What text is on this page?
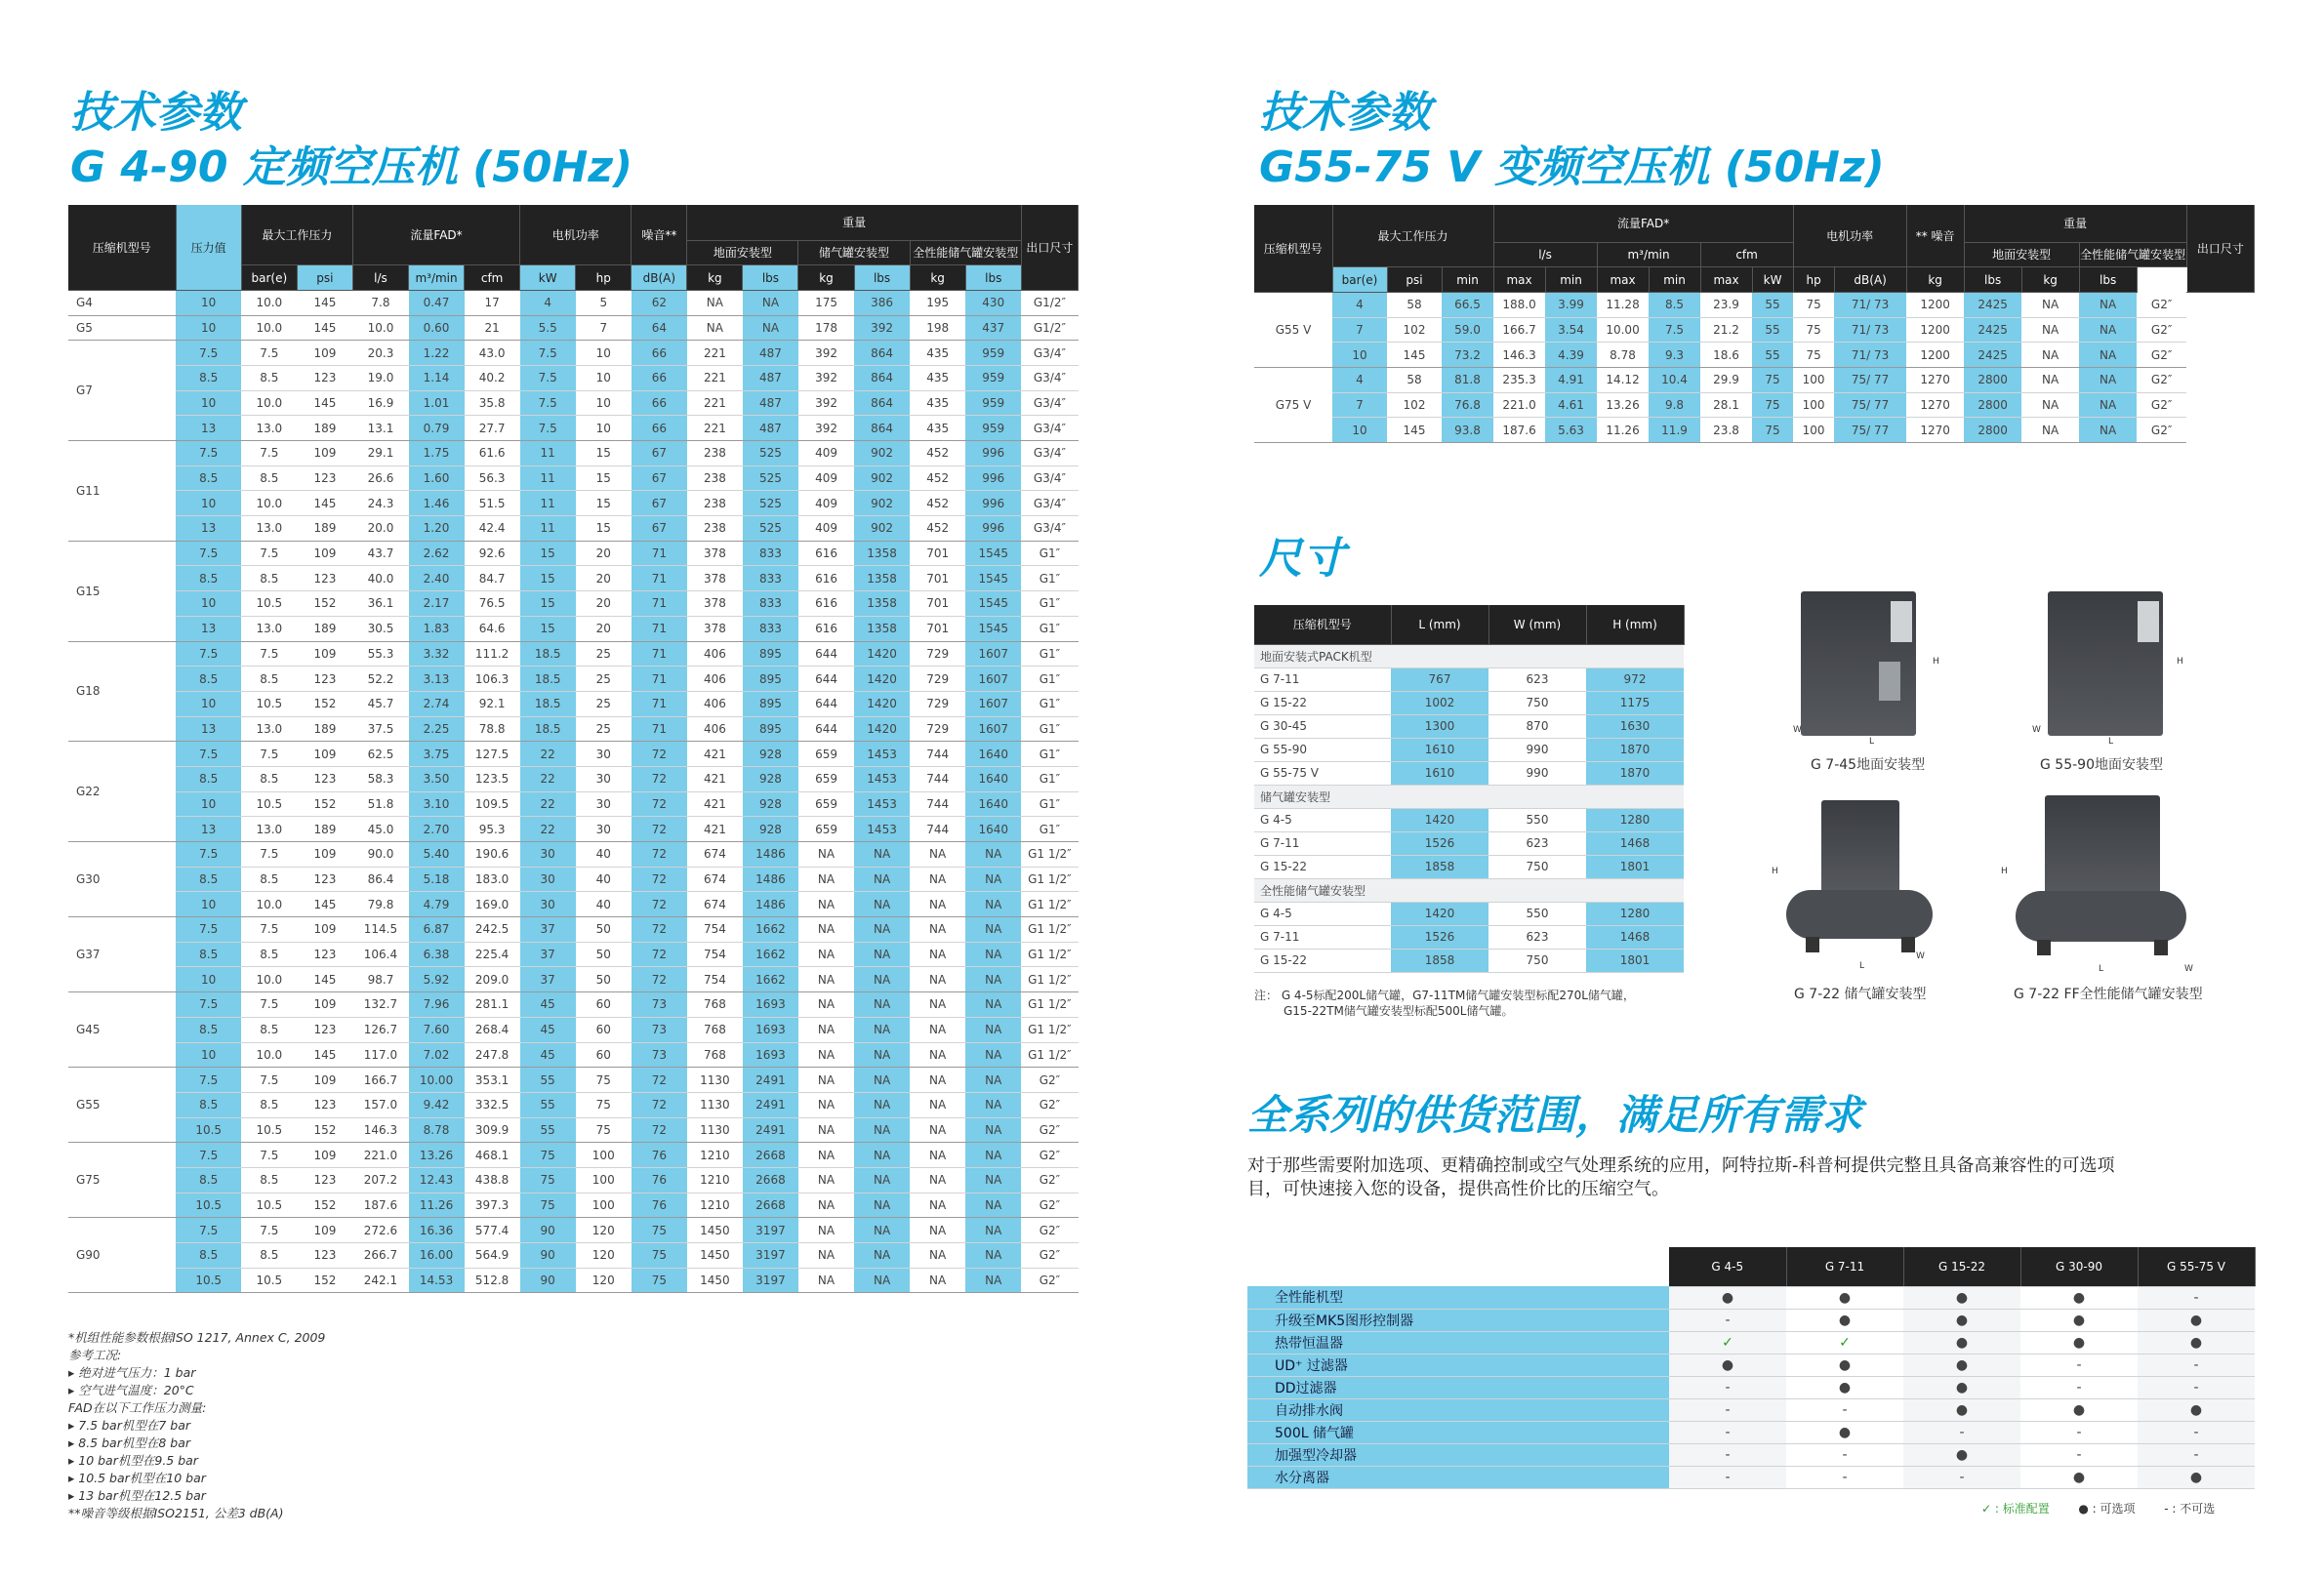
技术参数
G 4-90 定频空压机 (50Hz)
压缩机型号	压力值	最大工作压力		流量FAD*			电机功率		噪音**	重量						出口尺寸
										地面安装型		储气罐安装型		全性能储气罐安装型		
		bar(e)	psi	l/s	m³/min	cfm	kW	hp	dB(A)	kg	lbs	kg	lbs	kg	lbs	
G4	10	10.0	145	7.8	0.47	17	4	5	62	NA	NA	175	386	195	430	G1/2″
G5	10	10.0	145	10.0	0.60	21	5.5	7	64	NA	NA	178	392	198	437	G1/2″
G7	7.5	7.5	109	20.3	1.22	43.0	7.5	10	66	221	487	392	864	435	959	G3/4″
	8.5	8.5	123	19.0	1.14	40.2	7.5	10	66	221	487	392	864	435	959	G3/4″
	10	10.0	145	16.9	1.01	35.8	7.5	10	66	221	487	392	864	435	959	G3/4″
	13	13.0	189	13.1	0.79	27.7	7.5	10	66	221	487	392	864	435	959	G3/4″
G11	7.5	7.5	109	29.1	1.75	61.6	11	15	67	238	525	409	902	452	996	G3/4″
	8.5	8.5	123	26.6	1.60	56.3	11	15	67	238	525	409	902	452	996	G3/4″
	10	10.0	145	24.3	1.46	51.5	11	15	67	238	525	409	902	452	996	G3/4″
	13	13.0	189	20.0	1.20	42.4	11	15	67	238	525	409	902	452	996	G3/4″
G15	7.5	7.5	109	43.7	2.62	92.6	15	20	71	378	833	616	1358	701	1545	G1″
	8.5	8.5	123	40.0	2.40	84.7	15	20	71	378	833	616	1358	701	1545	G1″
	10	10.5	152	36.1	2.17	76.5	15	20	71	378	833	616	1358	701	1545	G1″
	13	13.0	189	30.5	1.83	64.6	15	20	71	378	833	616	1358	701	1545	G1″
G18	7.5	7.5	109	55.3	3.32	111.2	18.5	25	71	406	895	644	1420	729	1607	G1″
	8.5	8.5	123	52.2	3.13	106.3	18.5	25	71	406	895	644	1420	729	1607	G1″
	10	10.5	152	45.7	2.74	92.1	18.5	25	71	406	895	644	1420	729	1607	G1″
	13	13.0	189	37.5	2.25	78.8	18.5	25	71	406	895	644	1420	729	1607	G1″
G22	7.5	7.5	109	62.5	3.75	127.5	22	30	72	421	928	659	1453	744	1640	G1″
	8.5	8.5	123	58.3	3.50	123.5	22	30	72	421	928	659	1453	744	1640	G1″
	10	10.5	152	51.8	3.10	109.5	22	30	72	421	928	659	1453	744	1640	G1″
	13	13.0	189	45.0	2.70	95.3	22	30	72	421	928	659	1453	744	1640	G1″
G30	7.5	7.5	109	90.0	5.40	190.6	30	40	72	674	1486	NA	NA	NA	NA	G1 1/2″
	8.5	8.5	123	86.4	5.18	183.0	30	40	72	674	1486	NA	NA	NA	NA	G1 1/2″
	10	10.0	145	79.8	4.79	169.0	30	40	72	674	1486	NA	NA	NA	NA	G1 1/2″
G37	7.5	7.5	109	114.5	6.87	242.5	37	50	72	754	1662	NA	NA	NA	NA	G1 1/2″
	8.5	8.5	123	106.4	6.38	225.4	37	50	72	754	1662	NA	NA	NA	NA	G1 1/2″
	10	10.0	145	98.7	5.92	209.0	37	50	72	754	1662	NA	NA	NA	NA	G1 1/2″
G45	7.5	7.5	109	132.7	7.96	281.1	45	60	73	768	1693	NA	NA	NA	NA	G1 1/2″
	8.5	8.5	123	126.7	7.60	268.4	45	60	73	768	1693	NA	NA	NA	NA	G1 1/2″
	10	10.0	145	117.0	7.02	247.8	45	60	73	768	1693	NA	NA	NA	NA	G1 1/2″
G55	7.5	7.5	109	166.7	10.00	353.1	55	75	72	1130	2491	NA	NA	NA	NA	G2″
	8.5	8.5	123	157.0	9.42	332.5	55	75	72	1130	2491	NA	NA	NA	NA	G2″
	10.5	10.5	152	146.3	8.78	309.9	55	75	72	1130	2491	NA	NA	NA	NA	G2″
G75	7.5	7.5	109	221.0	13.26	468.1	75	100	76	1210	2668	NA	NA	NA	NA	G2″
	8.5	8.5	123	207.2	12.43	438.8	75	100	76	1210	2668	NA	NA	NA	NA	G2″
	10.5	10.5	152	187.6	11.26	397.3	75	100	76	1210	2668	NA	NA	NA	NA	G2″
G90	7.5	7.5	109	272.6	16.36	577.4	90	120	75	1450	3197	NA	NA	NA	NA	G2″
	8.5	8.5	123	266.7	16.00	564.9	90	120	75	1450	3197	NA	NA	NA	NA	G2″
	10.5	10.5	152	242.1	14.53	512.8	90	120	75	1450	3197	NA	NA	NA	NA	G2″
*机组性能参数根据ISO 1217, Annex C, 2009
参考工况:
▸ 绝对进气压力：1 bar
▸ 空气进气温度：20°C
FAD在以下工作压力测量:
▸ 7.5 bar机型在7 bar
▸ 8.5 bar机型在8 bar
▸ 10 bar机型在9.5 bar
▸ 10.5 bar机型在10 bar
▸ 13 bar机型在12.5 bar
**噪音等级根据ISO2151, 公差3 dB(A)
技术参数
G55-75 V 变频空压机 (50Hz)
压缩机型号	最大工作压力			流量FAD*						电机功率		** 噪音	重量				出口尺寸
				l/s		m³/min		cfm					地面安装型		全性能储气罐安装型		
	bar(e)	psi	min	max	min	max	min	max	kW	hp	dB(A)	kg	lbs	kg	lbs		
G55 V	4	58	66.5	188.0	3.99	11.28	8.5	23.9	55	75	71/ 73	1200	2425	NA	NA	G2″	
	7	102	59.0	166.7	3.54	10.00	7.5	21.2	55	75	71/ 73	1200	2425	NA	NA	G2″	
	10	145	73.2	146.3	4.39	8.78	9.3	18.6	55	75	71/ 73	1200	2425	NA	NA	G2″	
G75 V	4	58	81.8	235.3	4.91	14.12	10.4	29.9	75	100	75/ 77	1270	2800	NA	NA	G2″	
	7	102	76.8	221.0	4.61	13.26	9.8	28.1	75	100	75/ 77	1270	2800	NA	NA	G2″	
	10	145	93.8	187.6	5.63	11.26	11.9	23.8	75	100	75/ 77	1270	2800	NA	NA	G2″	
尺寸
压缩机型号	L (mm)	W (mm)	H (mm)
地面安装式PACK机型			
G 7-11	767	623	972
G 15-22	1002	750	1175
G 30-45	1300	870	1630
G 55-90	1610	990	1870
G 55-75 V	1610	990	1870
储气罐安装型			
G 4-5	1420	550	1280
G 7-11	1526	623	1468
G 15-22	1858	750	1801
全性能储气罐安装型			
G 4-5	1420	550	1280
G 7-11	1526	623	1468
G 15-22	1858	750	1801
注： G 4-5标配200L储气罐，G7-11TM储气罐安装型标配270L储气罐，
G15-22TM储气罐安装型标配500L储气罐。
G 7-45地面安装型	G 55-90地面安装型
G 7-22 储气罐安装型	G 7-22 FF全性能储气罐安装型
H
W
L
H
W
L
H
W
L
H
W
L
全系列的供货范围，满足所有需求
对于那些需要附加选项、更精确控制或空气处理系统的应用，阿特拉斯-科普柯提供完整且具备高兼容性的可选项
目，可快速接入您的设备，提供高性价比的压缩空气。
	G 4-5	G 7-11	G 15-22	G 30-90	G 55-75 V
全性能机型	●	●	●	●	-
升级至MK5图形控制器	-	●	●	●	●
热带恒温器	✓	✓	●	●	●
UD⁺ 过滤器	●	●	●	-	-
DD过滤器	-	●	●	-	-
自动排水阀	-	-	●	●	●
500L 储气罐	-	●	-	-	-
加强型冷却器	-	-	●	-	-
水分离器	-	-	-	●	●
✓ : 标准配置 ● : 可选项 - : 不可选
